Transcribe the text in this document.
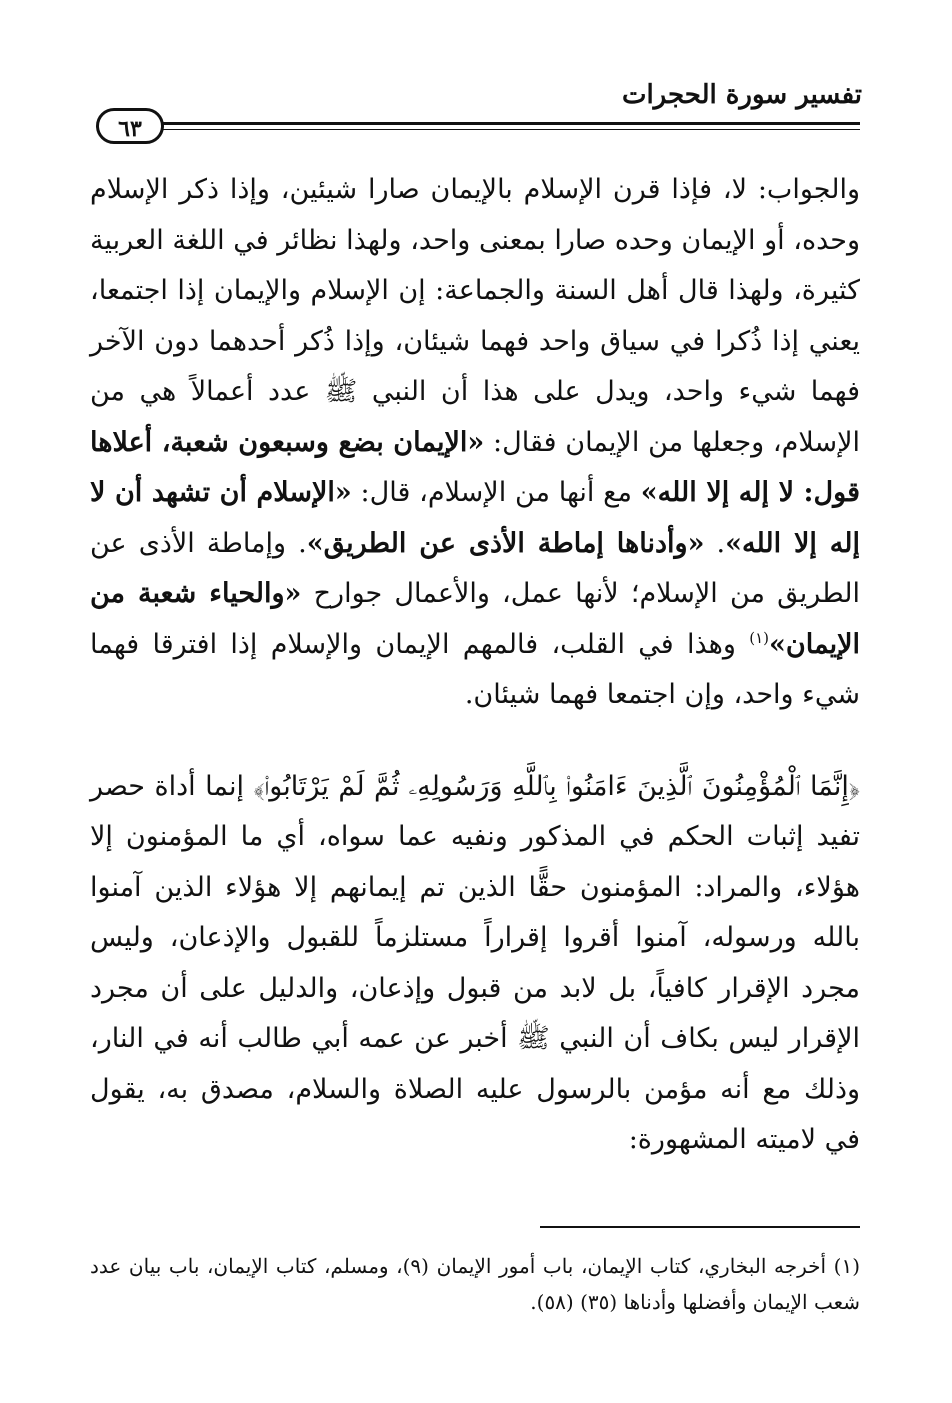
تفسير سورة الحجرات
٦٣

والجواب: لا، فإذا قرن الإسلام بالإيمان صارا شيئين، وإذا ذكر الإسلام وحده، أو الإيمان وحده صارا بمعنى واحد، ولهذا نظائر في اللغة العربية كثيرة، ولهذا قال أهل السنة والجماعة: إن الإسلام والإيمان إذا اجتمعا، يعني إذا ذُكرا في سياق واحد فهما شيئان، وإذا ذُكر أحدهما دون الآخر فهما شيء واحد، ويدل على هذا أن النبي ﷺ عدد أعمالاً هي من الإسلام، وجعلها من الإيمان فقال: «الإيمان بضع وسبعون شعبة، أعلاها قول: لا إله إلا الله» مع أنها من الإسلام، قال: «الإسلام أن تشهد أن لا إله إلا الله». «وأدناها إماطة الأذى عن الطريق». وإماطة الأذى عن الطريق من الإسلام؛ لأنها عمل، والأعمال جوارح «والحياء شعبة من الإيمان»$^{(١)}$ وهذا في القلب، فالمهم الإيمان والإسلام إذا افترقا فهما شيء واحد، وإن اجتمعا فهما شيئان.

﴿إِنَّمَا ٱلْمُؤْمِنُونَ ٱلَّذِينَ ءَامَنُوا۟ بِٱللَّهِ وَرَسُولِهِۦ ثُمَّ لَمْ يَرْتَابُوا۟﴾ إنما أداة حصر تفيد إثبات الحكم في المذكور ونفيه عما سواه، أي ما المؤمنون إلا هؤلاء، والمراد: المؤمنون حقًّا الذين تم إيمانهم إلا هؤلاء الذين آمنوا بالله ورسوله، آمنوا أقروا إقراراً مستلزماً للقبول والإذعان، وليس مجرد الإقرار كافياً، بل لابد من قبول وإذعان، والدليل على أن مجرد الإقرار ليس بكاف أن النبي ﷺ أخبر عن عمه أبي طالب أنه في النار، وذلك مع أنه مؤمن بالرسول عليه الصلاة والسلام، مصدق به، يقول في لاميته المشهورة:

(١) أخرجه البخاري، كتاب الإيمان، باب أمور الإيمان (٩)، ومسلم، كتاب الإيمان، باب بيان عدد شعب الإيمان وأفضلها وأدناها (٣٥) (٥٨).
